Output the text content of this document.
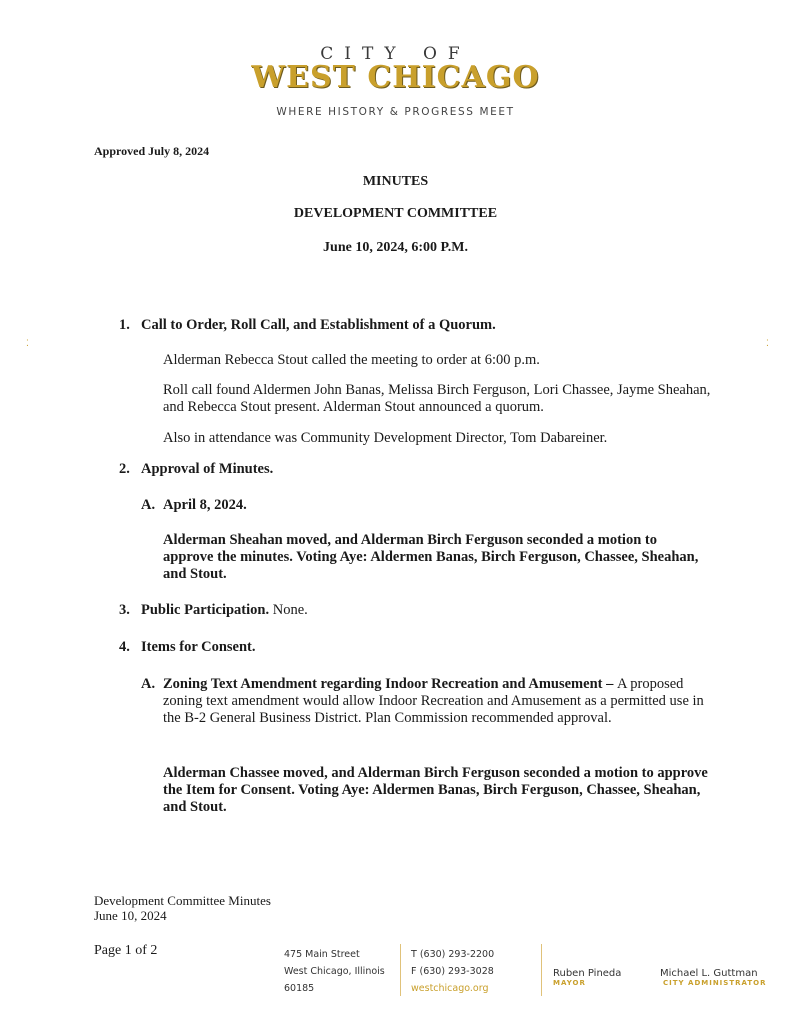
CITY OF
WEST CHICAGO
WHERE HISTORY & PROGRESS MEET
Approved July 8, 2024
MINUTES
DEVELOPMENT COMMITTEE
June 10, 2024, 6:00 P.M.
⁚	⁚
1. Call to Order, Roll Call, and Establishment of a Quorum.
Alderman Rebecca Stout called the meeting to order at 6:00 p.m.
Roll call found Aldermen John Banas, Melissa Birch Ferguson, Lori Chassee, Jayme Sheahan, and Rebecca Stout present. Alderman Stout announced a quorum.
Also in attendance was Community Development Director, Tom Dabareiner.
2. Approval of Minutes.
A. April 8, 2024.
Alderman Sheahan moved, and Alderman Birch Ferguson seconded a motion to approve the minutes. Voting Aye: Aldermen Banas, Birch Ferguson, Chassee, Sheahan, and Stout.
3. Public Participation. None.
4. Items for Consent.
A. Zoning Text Amendment regarding Indoor Recreation and Amusement – A proposed zoning text amendment would allow Indoor Recreation and Amusement as a permitted use in the B-2 General Business District. Plan Commission recommended approval.
Alderman Chassee moved, and Alderman Birch Ferguson seconded a motion to approve the Item for Consent. Voting Aye: Aldermen Banas, Birch Ferguson, Chassee, Sheahan, and Stout.
Development Committee Minutes
June 10, 2024
Page 1 of 2	475 Main Street
West Chicago, Illinois
60185
T (630) 293-2200
F (630) 293-3028
westchicago.org
Ruben Pineda
MAYOR
Michael L. Guttman
CITY ADMINISTRATOR
